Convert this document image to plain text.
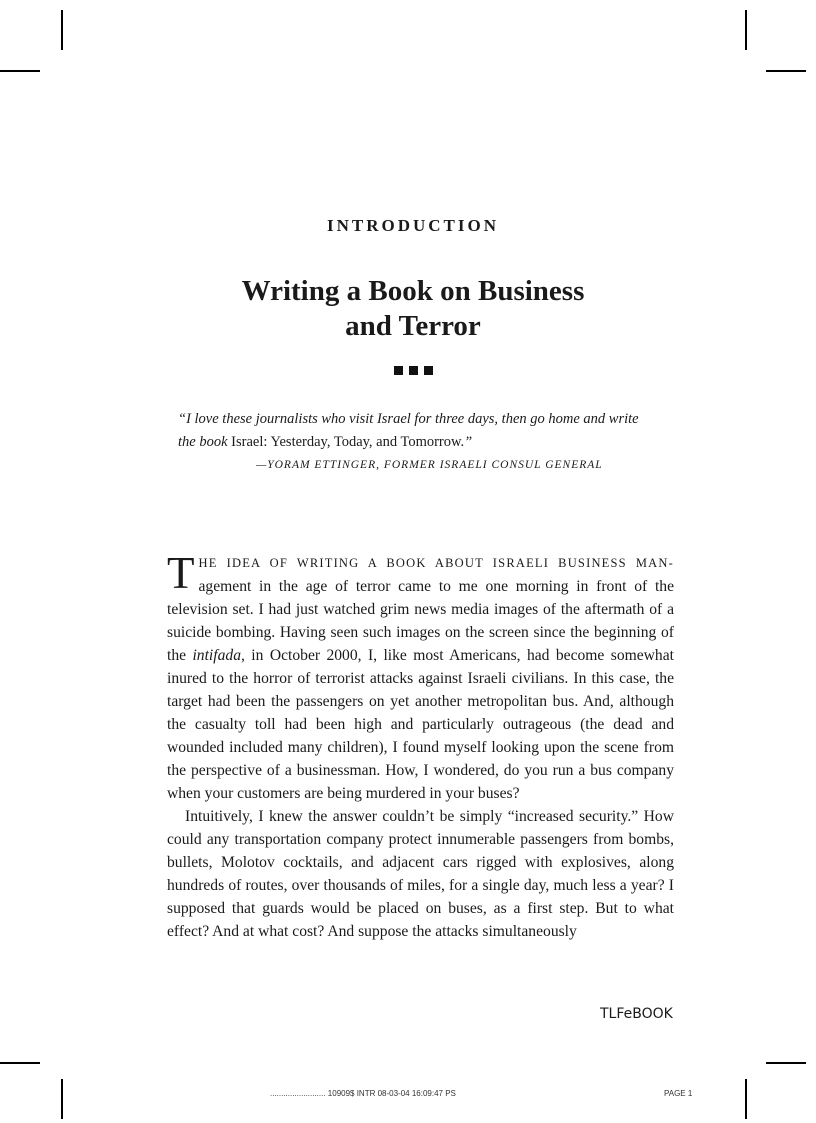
INTRODUCTION
Writing a Book on Business
and Terror
“I love these journalists who visit Israel for three days, then go home and write the book Israel: Yesterday, Today, and Tomorrow.”
—YORAM ETTINGER, FORMER ISRAELI CONSUL GENERAL

THE IDEA OF WRITING A BOOK ABOUT ISRAELI BUSINESS MAN- agement in the age of terror came to me one morning in front of the television set. I had just watched grim news media images of the aftermath of a suicide bombing. Having seen such images on the screen since the beginning of the intifada, in October 2000, I, like most Americans, had become somewhat inured to the horror of terrorist attacks against Israeli civilians. In this case, the target had been the passengers on yet another metropolitan bus. And, although the casualty toll had been high and particularly outrageous (the dead and wounded included many children), I found myself looking upon the scene from the perspective of a businessman. How, I wondered, do you run a bus company when your customers are being murdered in your buses?

Intuitively, I knew the answer couldn’t be simply “increased security.” How could any transportation company protect innumerable passengers from bombs, bullets, Molotov cocktails, and adjacent cars rigged with explosives, along hundreds of routes, over thousands of miles, for a single day, much less a year? I supposed that guards would be placed on buses, as a first step. But to what effect? And at what cost? And suppose the attacks simultaneously

TLFeBOOK
......................... 10909$ INTR 08-03-04 16:09:47 PS	PAGE 1
